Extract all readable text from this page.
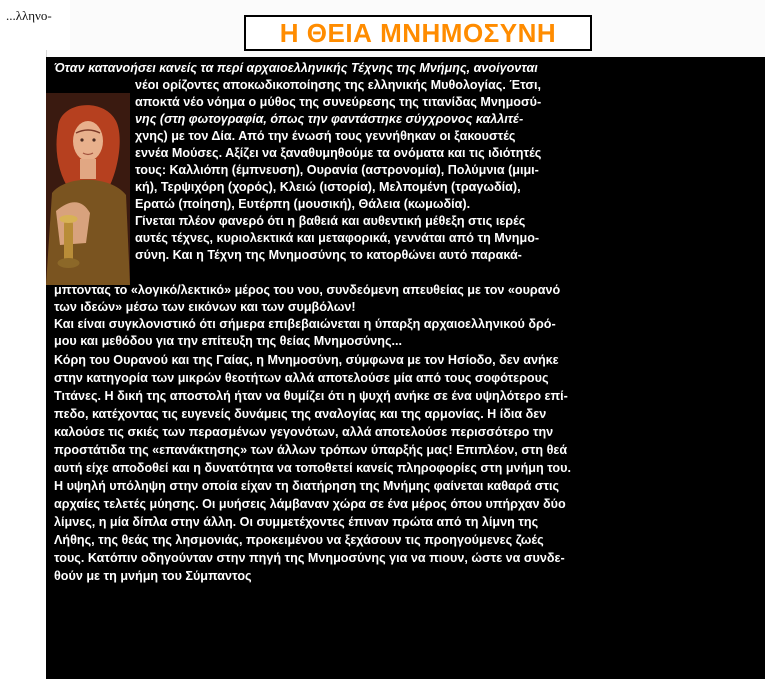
...λληνο-
Η ΘΕΙΑ ΜΝΗΜΟΣΥΝΗ
Όταν κατανοήσει κανείς τα περί αρχαιοελληνικής Τέχνης της Μνήμης, ανοίγονται
νέοι ορίζοντες αποκωδικοποίησης της ελληνικής Μυθολογίας. Έτσι,
αποκτά νέο νόημα ο μύθος της συνεύρεσης της τιτανίδας Μνημοσύ-
νης (στη φωτογραφία, όπως την φαντάστηκε σύγχρονος καλλιτέ-
χνης) με τον Δία. Από την ένωσή τους γεννήθηκαν οι ξακουστές
εννέα Μούσες. Αξίζει να ξαναθυμηθούμε τα ονόματα και τις ιδιότητές
τους: Καλλιόπη (έμπνευση), Ουρανία (αστρονομία), Πολύμνια (μιμι-
κή), Τερψιχόρη (χορός), Κλειώ (ιστορία), Μελπομένη (τραγωδία),
Ερατώ (ποίηση), Ευτέρπη (μουσική), Θάλεια (κωμωδία).
Γίνεται πλέον φανερό ότι η βαθειά και αυθεντική μέθεξη στις ιερές
αυτές τέχνες, κυριολεκτικά και μεταφορικά, γεννάται από τη Μνημο-
σύνη. Και η Τέχνη της Μνημοσύνης το κατορθώνει αυτό παρακά-
μπτοντας το «λογικό/λεκτικό» μέρος του νου, συνδεόμενη απευθείας με τον «ουρανό
των ιδεών» μέσω των εικόνων και των συμβόλων!
Και είναι συγκλονιστικό ότι σήμερα επιβεβαιώνεται η ύπαρξη αρχαιοελληνικού δρό-
μου και μεθόδου για την επίτευξη της θείας Μνημοσύνης...
Κόρη του Ουρανού και της Γαίας, η Μνημοσύνη, σύμφωνα με τον Ησίοδο, δεν ανήκε
στην κατηγορία των μικρών θεοτήτων αλλά αποτελούσε μία από τους σοφότερους
Τιτάνες. Η δική της αποστολή ήταν να θυμίζει ότι η ψυχή ανήκε σε ένα υψηλότερο επί-
πεδο, κατέχοντας τις ευγενείς δυνάμεις της αναλογίας και της αρμονίας. Η ίδια δεν
καλούσε τις σκιές των περασμένων γεγονότων, αλλά αποτελούσε περισσότερο την
προστάτιδα της «επανάκτησης» των άλλων τρόπων ύπαρξής μας! Επιπλέον, στη θεά
αυτή είχε αποδοθεί και η δυνατότητα να τοποθετεί κανείς πληροφορίες στη μνήμη του.
Η υψηλή υπόληψη στην οποία είχαν τη διατήρηση της Μνήμης φαίνεται καθαρά στις
αρχαίες τελετές μύησης. Οι μυήσεις λάμβαναν χώρα σε ένα μέρος όπου υπήρχαν δύο
λίμνες, η μία δίπλα στην άλλη. Οι συμμετέχοντες έπιναν πρώτα από τη λίμνη της
Λήθης, της θεάς της λησμονιάς, προκειμένου να ξεχάσουν τις προηγούμενες ζωές
τους. Κατόπιν οδηγούνταν στην πηγή της Μνημοσύνης για να πιουν, ώστε να συνδε-
θούν με τη μνήμη του Σύμπαντος
